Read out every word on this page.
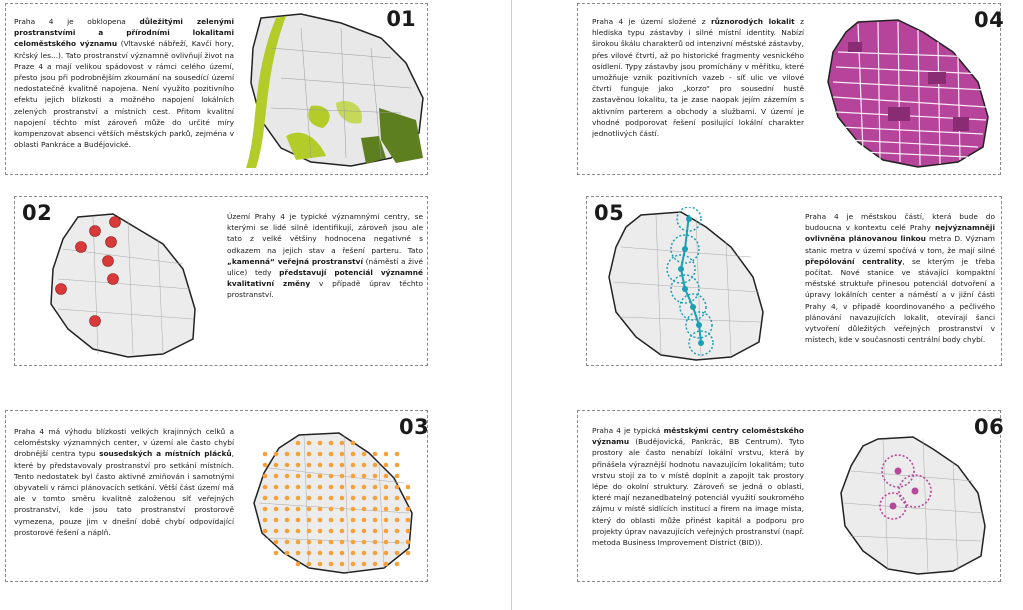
Praha 4 je obklopena důležitými zelenými prostranstvími a přírodními lokalitami celoměstského významu (Vltavské nábřeží, Kavčí hory, Krčský les...). Tato prostranství významně ovlivňují život na Praze 4 a mají velikou spádovost v rámci celého území, přesto jsou při podrobnějším zkoumání na sousedící území nedostatečně kvalitně napojena. Není využito pozitivního efektu jejich blízkosti a možného napojení lokálních zelených prostranství a místních cest. Přitom kvalitní napojení těchto míst zároveň může do určité míry kompenzovat absenci větších městských parků, zejména v oblasti Pankráce a Budějovické.
01
02	Území Prahy 4 je typické významnými centry, se kterými se lidé silně identifikují, zároveň jsou ale tato z velké většiny hodnocena negativně s odkazem na jejich stav a řešení parteru. Tato „kamenná“ veřejná prostranství (náměstí a živé ulice) tedy představují potenciál významné kvalitativní změny v případě úprav těchto prostranství.
Praha 4 má výhodu blízkosti velkých krajinných celků a celoměstsky významných center, v území ale často chybí drobnější centra typu sousedských a místních plácků, které by představovaly prostranství pro setkání místních. Tento nedostatek byl často aktivně zmiňován i samotnými obyvateli v rámci plánovacích setkání. Větší část území má ale v tomto směru kvalitně založenou síť veřejných prostranství, kde jsou tato prostranství prostorově vymezena, pouze jim v dnešní době chybí odpovídající prostorové řešení a náplň.
03
Praha 4 je území složené z různorodých lokalit z hlediska typu zástavby i silné místní identity. Nabízí širokou škálu charakterů od intenzivní městské zástavby, přes vilové čtvrti, až po historické fragmenty vesnického osídlení. Typy zástavby jsou promíchány v měřítku, které umožňuje vznik pozitivních vazeb - síť ulic ve vilové čtvrti funguje jako „korzo“ pro sousední hustě zastavěnou lokalitu, ta je zase naopak jejím zázemím s aktivním parterem a obchody a službami. V území je vhodné podporovat řešení posilující lokální charakter jednotlivých částí.
04
05	Praha 4 je městskou částí, která bude do budoucna v kontextu celé Prahy nejvýznamněji ovlivněna plánovanou linkou metra D. Význam stanic metra v území spočívá v tom, že mají silné přepólování centrality, se kterým je třeba počítat. Nové stanice ve stávající kompaktní městské struktuře přinesou potenciál dotvoření a úpravy lokálních center a náměstí a v jižní části Prahy 4, v případě koordinovaného a pečlivého plánování navazujících lokalit, otevírají šanci vytvoření důležitých veřejných prostranství v místech, kde v současnosti centrální body chybí.
Praha 4 je typická městskými centry celoměstského významu (Budějovická, Pankrác, BB Centrum). Tyto prostory ale často nenabízí lokální vrstvu, která by přinášela výraznější hodnotu navazujícím lokalitám; tuto vrstvu stojí za to v místě doplnit a zapojit tak prostory lépe do okolní struktury. Zároveň se jedná o oblasti, které mají nezanedbatelný potenciál využití soukromého zájmu v místě sídlících institucí a firem na image místa, který do oblasti může přinést kapitál a podporu pro projekty úprav navazujících veřejných prostranství (např. metoda Business Improvement District (BID)).
06
